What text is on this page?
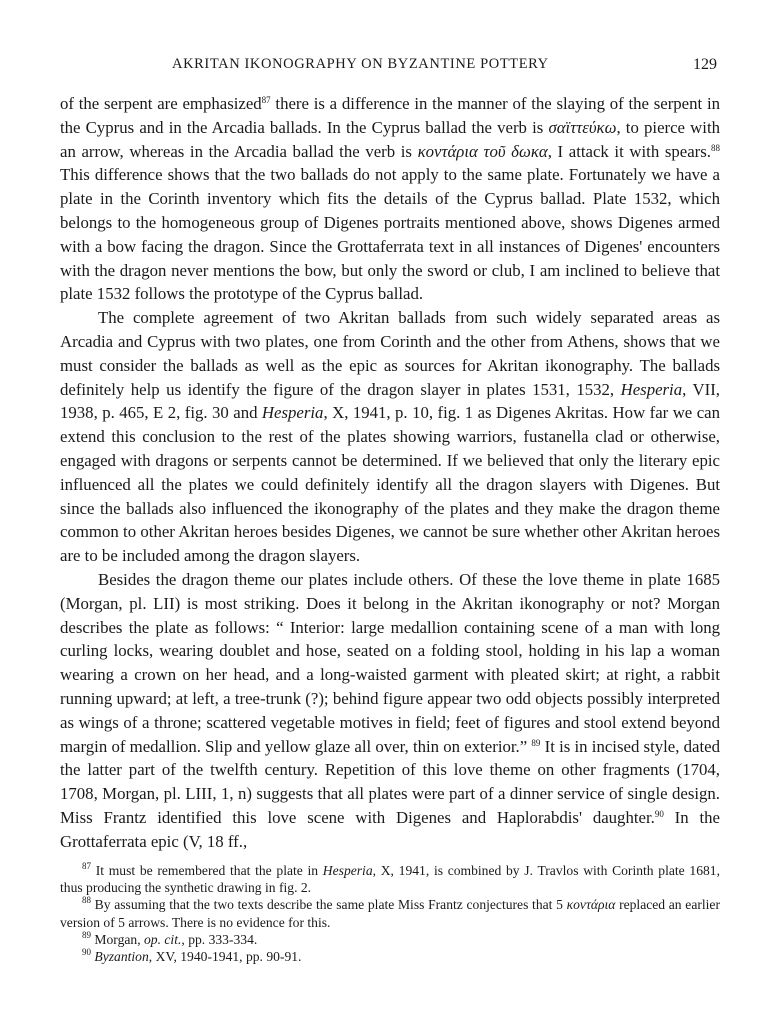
AKRITAN IKONOGRAPHY ON BYZANTINE POTTERY	129

of the serpent are emphasized$^{87}$ there is a difference in the manner of the slaying of the serpent in the Cyprus and in the Arcadia ballads. In the Cyprus ballad the verb is σαϊττεύκω, to pierce with an arrow, whereas in the Arcadia ballad the verb is κοντάρια τοῦ δωκα, I attack it with spears.$^{88}$ This difference shows that the two ballads do not apply to the same plate. Fortunately we have a plate in the Corinth inventory which fits the details of the Cyprus ballad. Plate 1532, which belongs to the homogeneous group of Digenes portraits mentioned above, shows Digenes armed with a bow facing the dragon. Since the Grottaferrata text in all instances of Digenes' encounters with the dragon never mentions the bow, but only the sword or club, I am inclined to believe that plate 1532 follows the prototype of the Cyprus ballad.

The complete agreement of two Akritan ballads from such widely separated areas as Arcadia and Cyprus with two plates, one from Corinth and the other from Athens, shows that we must consider the ballads as well as the epic as sources for Akritan ikonography. The ballads definitely help us identify the figure of the dragon slayer in plates 1531, 1532, Hesperia, VII, 1938, p. 465, E 2, fig. 30 and Hesperia, X, 1941, p. 10, fig. 1 as Digenes Akritas. How far we can extend this conclusion to the rest of the plates showing warriors, fustanella clad or otherwise, engaged with dragons or serpents cannot be determined. If we believed that only the literary epic influenced all the plates we could definitely identify all the dragon slayers with Digenes. But since the ballads also influenced the ikonography of the plates and they make the dragon theme common to other Akritan heroes besides Digenes, we cannot be sure whether other Akritan heroes are to be included among the dragon slayers.

Besides the dragon theme our plates include others. Of these the love theme in plate 1685 (Morgan, pl. LII) is most striking. Does it belong in the Akritan ikonography or not? Morgan describes the plate as follows: “ Interior: large medallion containing scene of a man with long curling locks, wearing doublet and hose, seated on a folding stool, holding in his lap a woman wearing a crown on her head, and a long-waisted garment with pleated skirt; at right, a rabbit running upward; at left, a tree-trunk (?); behind figure appear two odd objects possibly interpreted as wings of a throne; scattered vegetable motives in field; feet of figures and stool extend beyond margin of medallion. Slip and yellow glaze all over, thin on exterior.” $^{89}$ It is in incised style, dated the latter part of the twelfth century. Repetition of this love theme on other fragments (1704, 1708, Morgan, pl. LIII, 1, n) suggests that all plates were part of a dinner service of single design. Miss Frantz identified this love scene with Digenes and Haplorabdis' daughter.$^{90}$ In the Grottaferrata epic (V, 18 ff.,

$^{87}$ It must be remembered that the plate in Hesperia, X, 1941, is combined by J. Travlos with Corinth plate 1681, thus producing the synthetic drawing in fig. 2.

$^{88}$ By assuming that the two texts describe the same plate Miss Frantz conjectures that 5 κοντάρια replaced an earlier version of 5 arrows. There is no evidence for this.

$^{89}$ Morgan, op. cit., pp. 333-334.

$^{90}$ Byzantion, XV, 1940-1941, pp. 90-91.
